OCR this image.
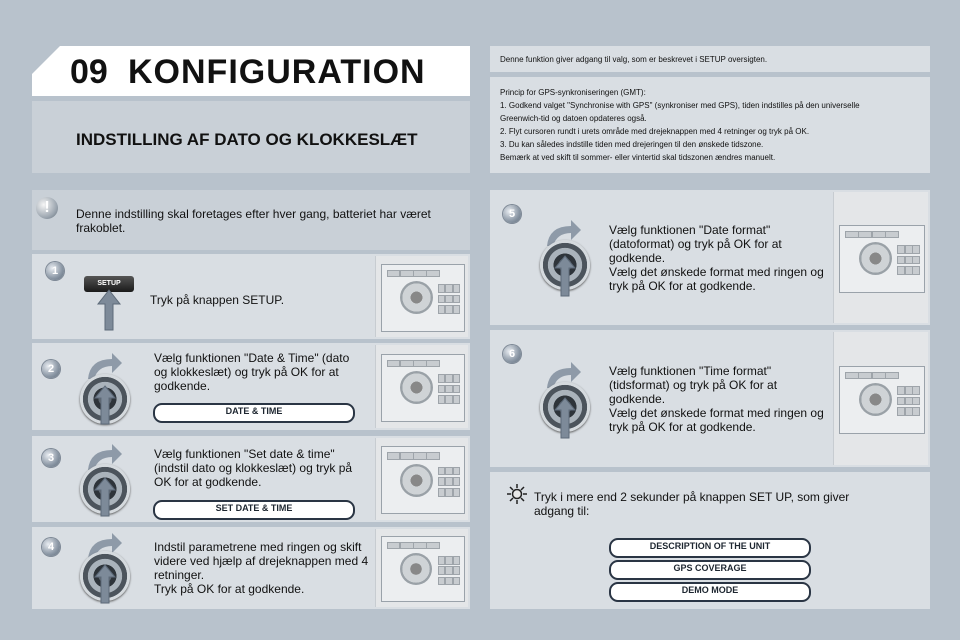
09 KONFIGURATION
INDSTILLING AF DATO OG KLOKKESLÆT
Denne funktion giver adgang til valg, som er beskrevet i SETUP oversigten.
Princip for GPS-synkroniseringen (GMT):
1. Godkend valget "Synchronise with GPS" (synkroniser med GPS), tiden indstilles på den universelle
Greenwich-tid og datoen opdateres også.
2. Flyt cursoren rundt i urets område med drejeknappen med 4 retninger og tryk på OK.
3. Du kan således indstille tiden med drejeringen til den ønskede tidszone.
Bemærk at ved skift til sommer- eller vintertid skal tidszonen ændres manuelt.
!	Denne indstilling skal foretages efter hver gang, batteriet har været frakoblet.
1
SETUP
Tryk på knappen SETUP.
2
Vælg funktionen "Date & Time" (dato og klokkeslæt) og tryk på OK for at godkende.
DATE & TIME
3	Vælg funktionen "Set date & time" (indstil dato og klokkeslæt) og tryk på OK for at godkende.
SET DATE & TIME
4	Indstil parametrene med ringen og skift videre ved hjælp af drejeknappen med 4 retninger.
Tryk på OK for at godkende.
5
Vælg funktionen "Date format" (datoformat) og tryk på OK for at godkende.
Vælg det ønskede format med ringen og tryk på OK for at godkende.
6
Vælg funktionen "Time format" (tidsformat) og tryk på OK for at godkende.
Vælg det ønskede format med ringen og tryk på OK for at godkende.
Tryk i mere end 2 sekunder på knappen SET UP, som giver adgang til:
DESCRIPTION OF THE UNIT
GPS COVERAGE
DEMO MODE
